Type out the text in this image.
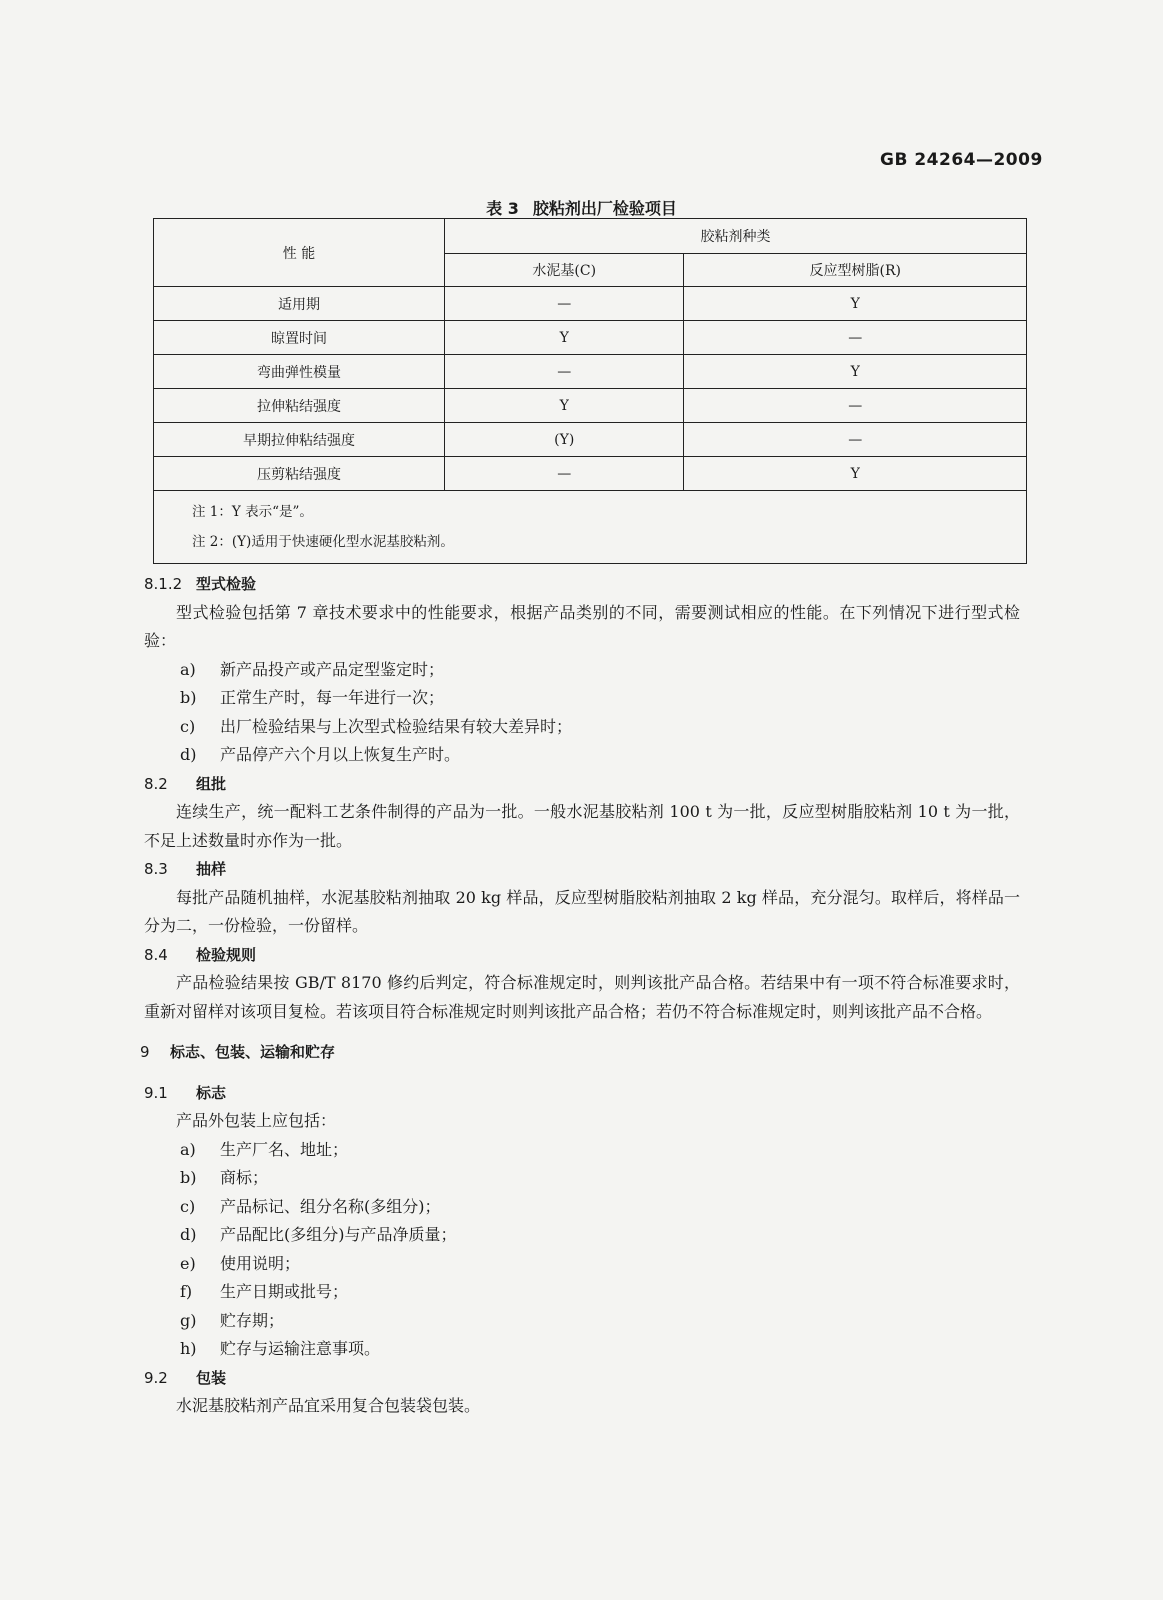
GB 24264—2009
表 3 胶粘剂出厂检验项目
性 能	胶粘剂种类	
	水泥基(C)	反应型树脂(R)
适用期	—	Y
晾置时间	Y	—
弯曲弹性模量	—	Y
拉伸粘结强度	Y	—
早期拉伸粘结强度	(Y)	—
压剪粘结强度	—	Y

注 1：Y 表示“是”。
注 2：(Y)适用于快速硬化型水泥基胶粘剂。		
8.1.2 型式检验
型式检验包括第 7 章技术要求中的性能要求，根据产品类别的不同，需要测试相应的性能。在下列情况下进行型式检验：
a) 新产品投产或产品定型鉴定时；
b) 正常生产时，每一年进行一次；
c) 出厂检验结果与上次型式检验结果有较大差异时；
d) 产品停产六个月以上恢复生产时。
8.2 组批
连续生产，统一配料工艺条件制得的产品为一批。一般水泥基胶粘剂 100 t 为一批，反应型树脂胶粘剂 10 t 为一批，不足上述数量时亦作为一批。
8.3 抽样
每批产品随机抽样，水泥基胶粘剂抽取 20 kg 样品，反应型树脂胶粘剂抽取 2 kg 样品，充分混匀。取样后，将样品一分为二，一份检验，一份留样。
8.4 检验规则
产品检验结果按 GB/T 8170 修约后判定，符合标准规定时，则判该批产品合格。若结果中有一项不符合标准要求时，重新对留样对该项目复检。若该项目符合标准规定时则判该批产品合格；若仍不符合标准规定时，则判该批产品不合格。
9 标志、包装、运输和贮存
9.1 标志
产品外包装上应包括：
a) 生产厂名、地址；
b) 商标；
c) 产品标记、组分名称(多组分)；
d) 产品配比(多组分)与产品净质量；
e) 使用说明；
f) 生产日期或批号；
g) 贮存期；
h) 贮存与运输注意事项。
9.2 包装
水泥基胶粘剂产品宜采用复合包装袋包装。
